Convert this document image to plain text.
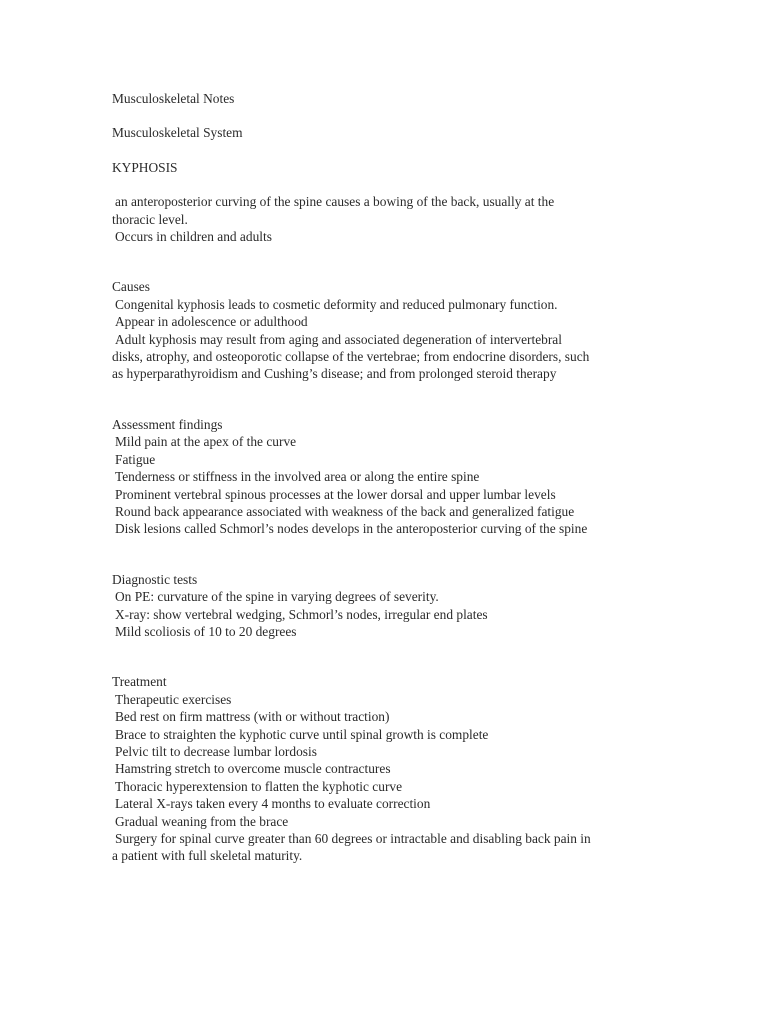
Musculoskeletal Notes
Musculoskeletal System
KYPHOSIS
an anteroposterior curving of the spine causes a bowing of the back, usually at the
thoracic level.
Occurs in children and adults
Causes
Congenital kyphosis leads to cosmetic deformity and reduced pulmonary function.
Appear in adolescence or adulthood
Adult kyphosis may result from aging and associated degeneration of intervertebral
disks, atrophy, and osteoporotic collapse of the vertebrae; from endocrine disorders, such
as hyperparathyroidism and Cushing’s disease; and from prolonged steroid therapy
Assessment findings
Mild pain at the apex of the curve
Fatigue
Tenderness or stiffness in the involved area or along the entire spine
Prominent vertebral spinous processes at the lower dorsal and upper lumbar levels
Round back appearance associated with weakness of the back and generalized fatigue
Disk lesions called Schmorl’s nodes develops in the anteroposterior curving of the spine
Diagnostic tests
On PE: curvature of the spine in varying degrees of severity.
X-ray: show vertebral wedging, Schmorl’s nodes, irregular end plates
Mild scoliosis of 10 to 20 degrees
Treatment
Therapeutic exercises
Bed rest on firm mattress (with or without traction)
Brace to straighten the kyphotic curve until spinal growth is complete
Pelvic tilt to decrease lumbar lordosis
Hamstring stretch to overcome muscle contractures
Thoracic hyperextension to flatten the kyphotic curve
Lateral X-rays taken every 4 months to evaluate correction
Gradual weaning from the brace
Surgery for spinal curve greater than 60 degrees or intractable and disabling back pain in
a patient with full skeletal maturity.
